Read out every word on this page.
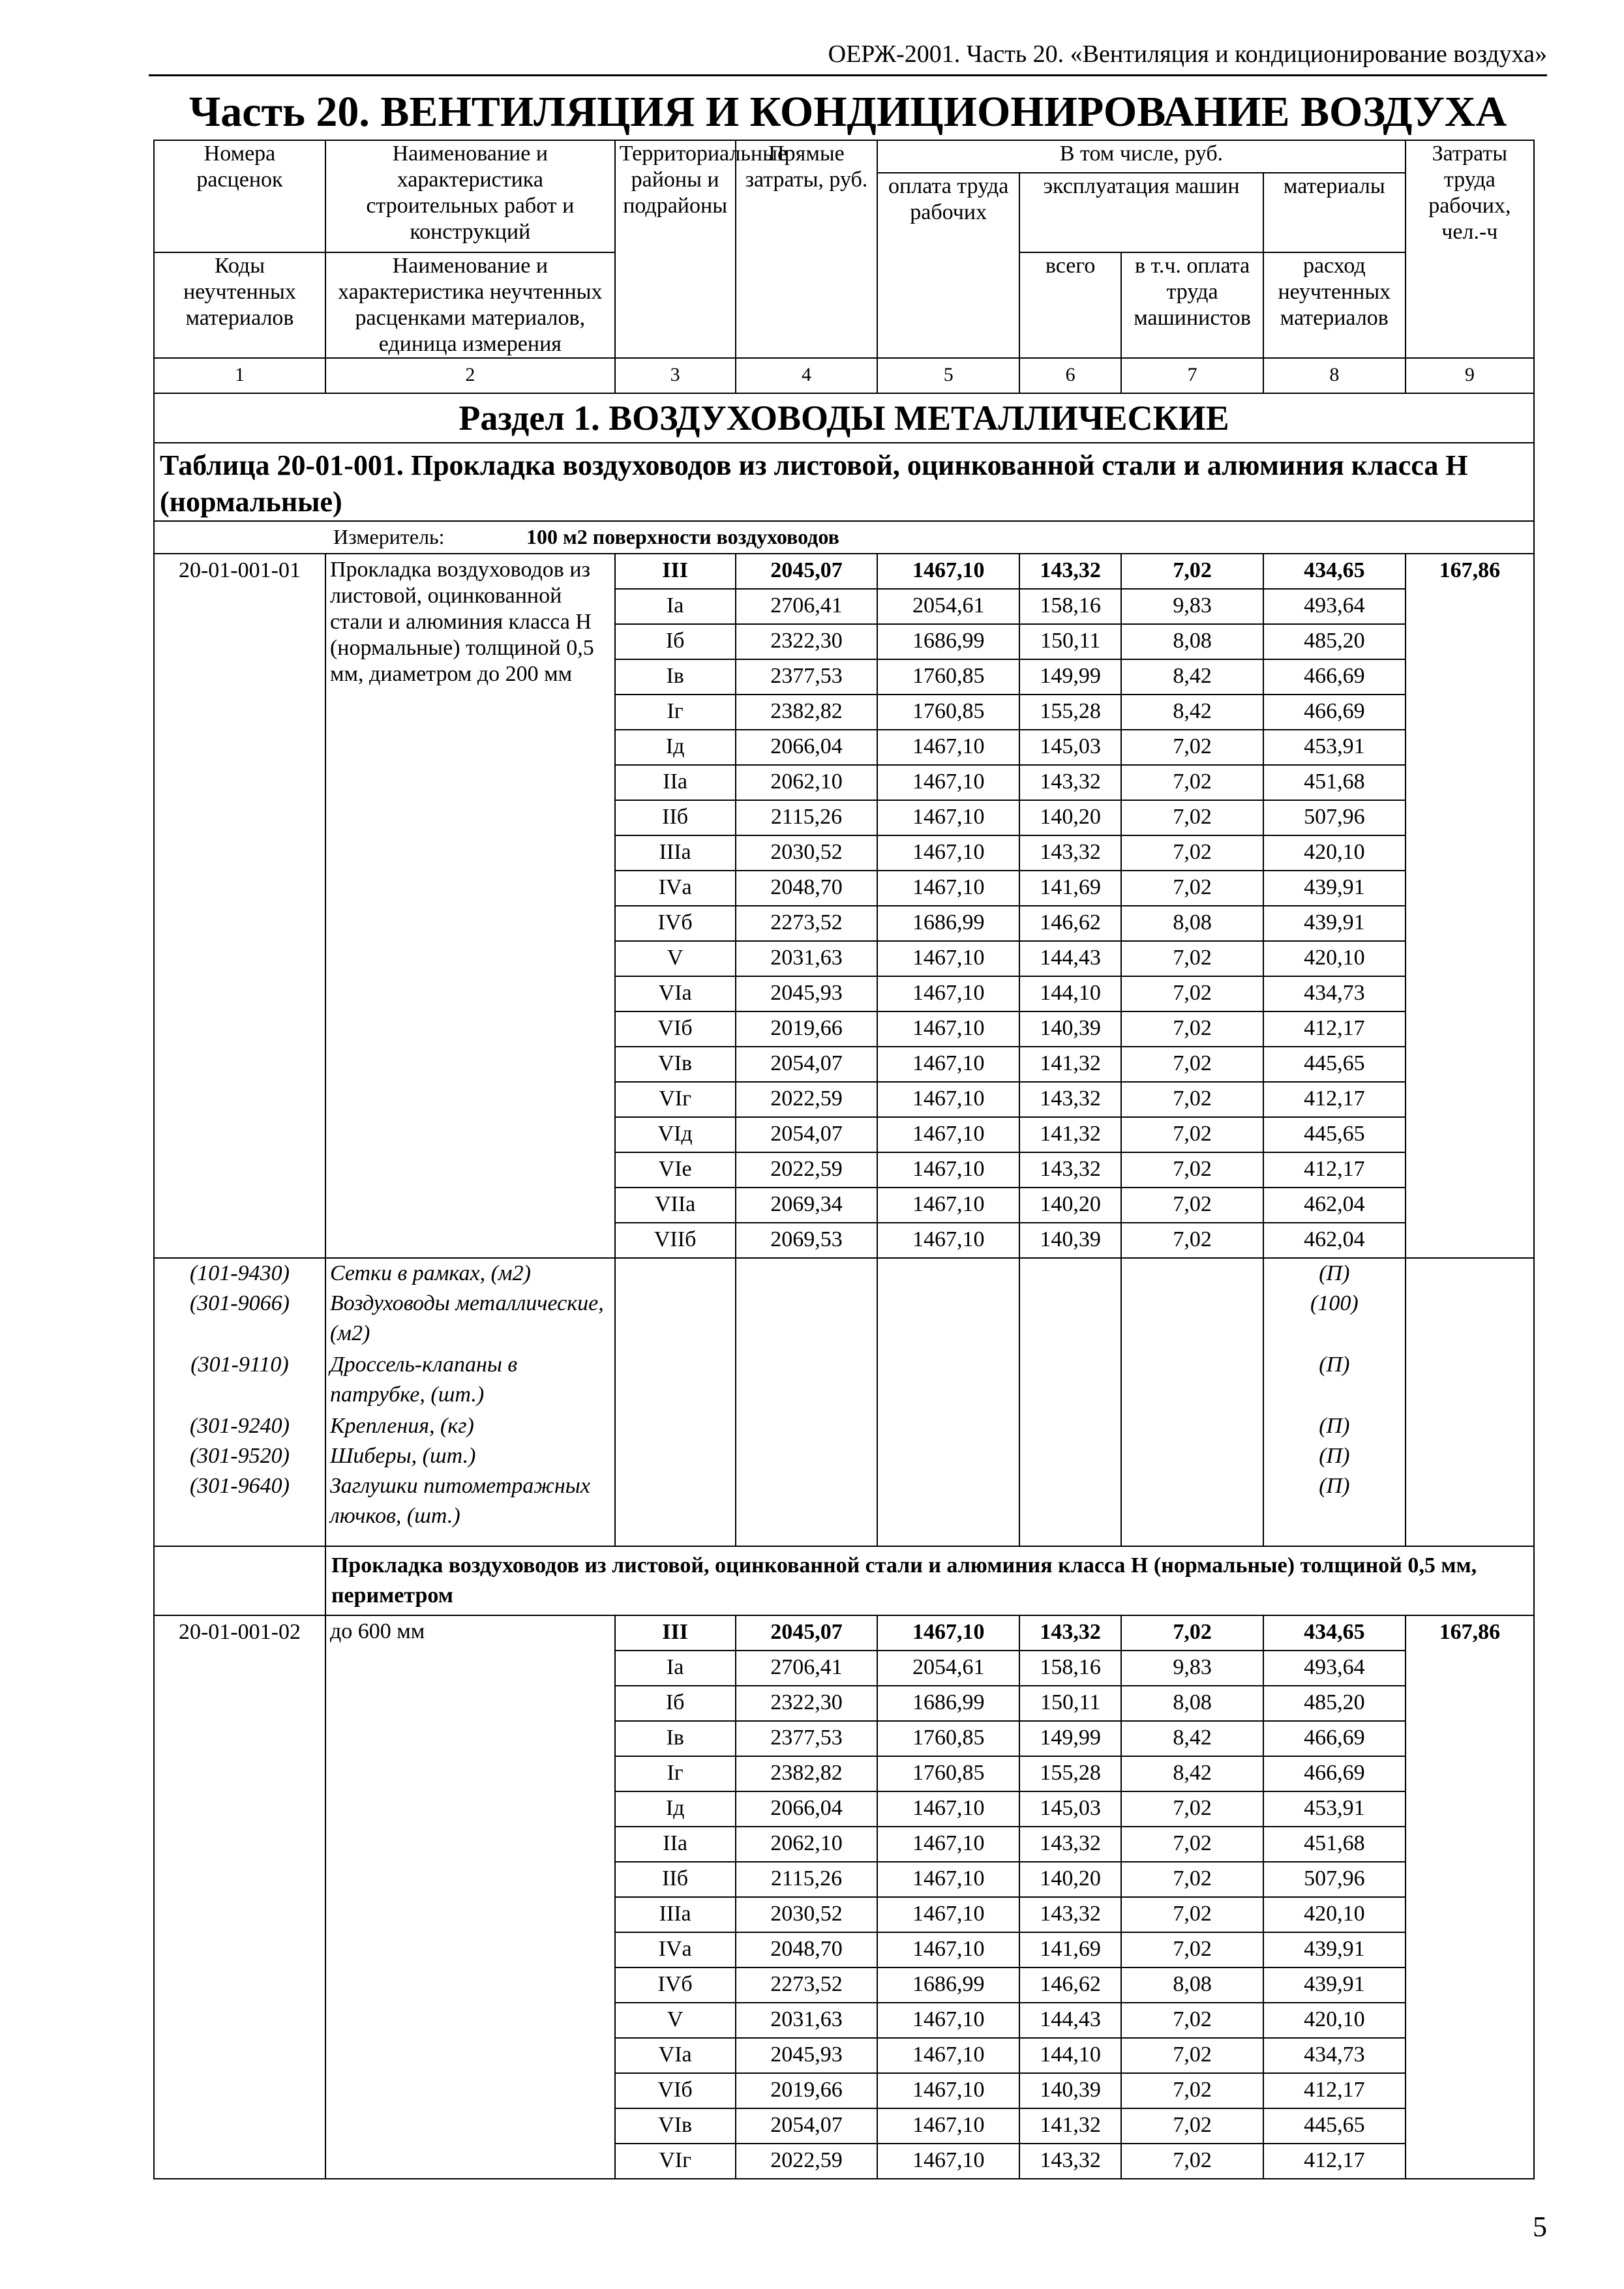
ОЕРЖ-2001. Часть 20. «Вентиляция и кондиционирование воздуха»
Часть 20. ВЕНТИЛЯЦИЯ И КОНДИЦИОНИРОВАНИЕ ВОЗДУХА
Номера расценок	Наименование и характеристика строительных работ и конструкций	Территориальные районы и подрайоны	Прямые затраты, руб.	В том числе, руб.				Затраты труда рабочих, чел.-ч
				оплата труда рабочих	эксплуатация машин		материалы	
Коды неучтенных материалов	Наименование и характеристика неучтенных расценками материалов, единица измерения				всего	в т.ч. оплата труда машинистов	расход неучтенных материалов	
1	2	3	4	5	6	7	8	9
Раздел 1. ВОЗДУХОВОДЫ МЕТАЛЛИЧЕСКИЕ								
Таблица 20-01-001. Прокладка воздуховодов из листовой, оцинкованной стали и алюминия класса Н (нормальные)								
Измеритель: 100 м2 поверхности воздуховодов								
20-01-001-01	Прокладка воздуховодов из листовой, оцинкованной стали и алюминия класса Н (нормальные) толщиной 0,5 мм, диаметром до 200 мм	III	2045,07	1467,10	143,32	7,02	434,65	167,86
		Iа	2706,41	2054,61	158,16	9,83	493,64	
		Iб	2322,30	1686,99	150,11	8,08	485,20	
		Iв	2377,53	1760,85	149,99	8,42	466,69	
		Iг	2382,82	1760,85	155,28	8,42	466,69	
		Iд	2066,04	1467,10	145,03	7,02	453,91	
		IIа	2062,10	1467,10	143,32	7,02	451,68	
		IIб	2115,26	1467,10	140,20	7,02	507,96	
		IIIа	2030,52	1467,10	143,32	7,02	420,10	
		IVа	2048,70	1467,10	141,69	7,02	439,91	
		IVб	2273,52	1686,99	146,62	8,08	439,91	
		V	2031,63	1467,10	144,43	7,02	420,10	
		VIа	2045,93	1467,10	144,10	7,02	434,73	
		VIб	2019,66	1467,10	140,39	7,02	412,17	
		VIв	2054,07	1467,10	141,32	7,02	445,65	
		VIг	2022,59	1467,10	143,32	7,02	412,17	
		VIд	2054,07	1467,10	141,32	7,02	445,65	
		VIе	2022,59	1467,10	143,32	7,02	412,17	
		VIIа	2069,34	1467,10	140,20	7,02	462,04	
		VIIб	2069,53	1467,10	140,39	7,02	462,04	
(101-9430)	Сетки в рамках, (м2)						(П)	
(301-9066)	Воздуховоды металлические, (м2)						(100)	
(301-9110)	Дроссель-клапаны в патрубке, (шт.)						(П)	
(301-9240)	Крепления, (кг)						(П)	
(301-9520)	Шиберы, (шт.)						(П)	
(301-9640)	Заглушки питометражных лючков, (шт.)						(П)	
	Прокладка воздуховодов из листовой, оцинкованной стали и алюминия класса Н (нормальные) толщиной 0,5 мм, периметром							
20-01-001-02	до 600 мм	III	2045,07	1467,10	143,32	7,02	434,65	167,86
		Iа	2706,41	2054,61	158,16	9,83	493,64	
		Iб	2322,30	1686,99	150,11	8,08	485,20	
		Iв	2377,53	1760,85	149,99	8,42	466,69	
		Iг	2382,82	1760,85	155,28	8,42	466,69	
		Iд	2066,04	1467,10	145,03	7,02	453,91	
		IIа	2062,10	1467,10	143,32	7,02	451,68	
		IIб	2115,26	1467,10	140,20	7,02	507,96	
		IIIа	2030,52	1467,10	143,32	7,02	420,10	
		IVа	2048,70	1467,10	141,69	7,02	439,91	
		IVб	2273,52	1686,99	146,62	8,08	439,91	
		V	2031,63	1467,10	144,43	7,02	420,10	
		VIа	2045,93	1467,10	144,10	7,02	434,73	
		VIб	2019,66	1467,10	140,39	7,02	412,17	
		VIв	2054,07	1467,10	141,32	7,02	445,65	
		VIг	2022,59	1467,10	143,32	7,02	412,17	
5
